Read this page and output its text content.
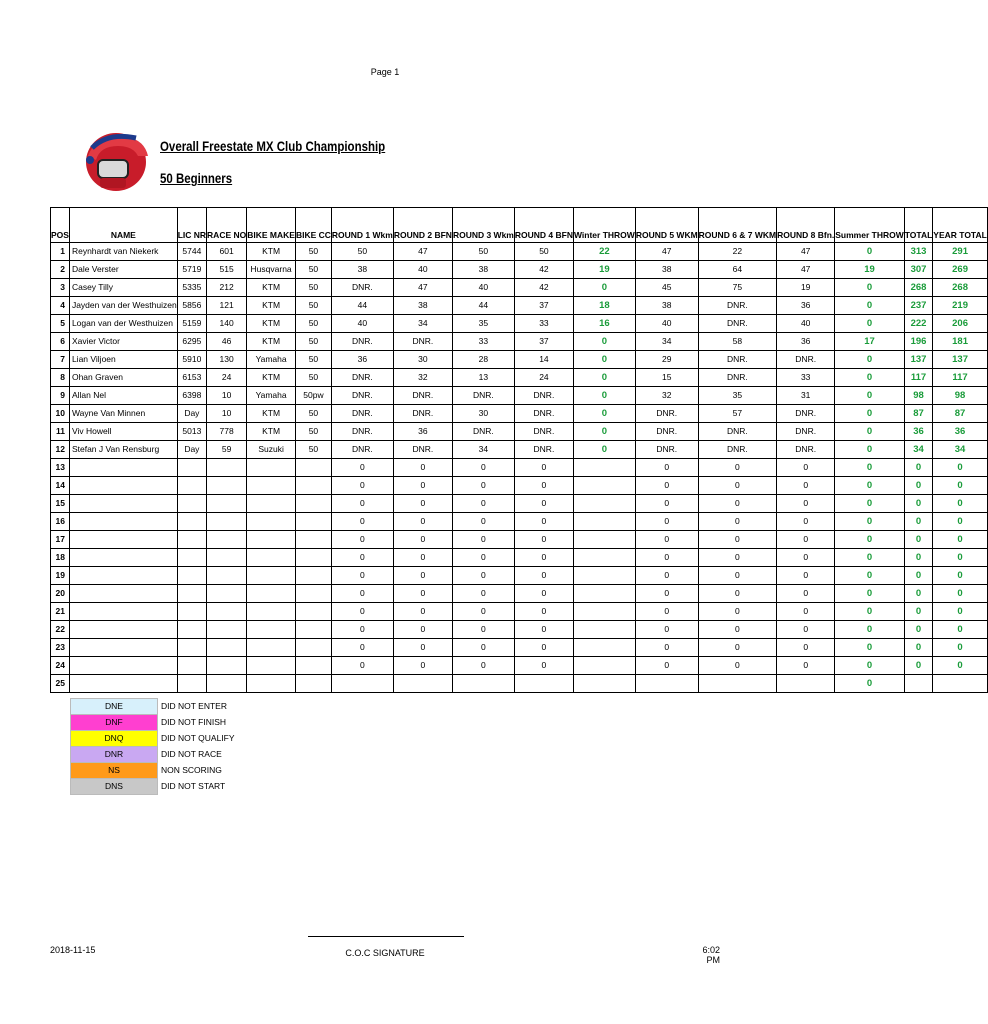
Page 1
Overall Freestate MX Club Championship
50 Beginners
POS	NAME	LIC NR	RACE NO	BIKE MAKE	BIKE CC	ROUND 1 Wkm	ROUND 2 BFN	ROUND 3 Wkm	ROUND 4 BFN	Winter THROW	ROUND 5 WKM	ROUND 6 & 7 WKM	ROUND 8 Bfn.	Summer THROW	TOTAL	YEAR TOTAL
1	Reynhardt van Niekerk	5744	601	KTM	50	50	47	50	50	22	47	22	47	0	313	291
2	Dale Verster	5719	515	Husqvarna	50	38	40	38	42	19	38	64	47	19	307	269
3	Casey Tilly	5335	212	KTM	50	DNR.	47	40	42	0	45	75	19	0	268	268
4	Jayden van der Westhuizen	5856	121	KTM	50	44	38	44	37	18	38	DNR.	36	0	237	219
5	Logan van der Westhuizen	5159	140	KTM	50	40	34	35	33	16	40	DNR.	40	0	222	206
6	Xavier Victor	6295	46	KTM	50	DNR.	DNR.	33	37	0	34	58	36	17	196	181
7	Lian Viljoen	5910	130	Yamaha	50	36	30	28	14	0	29	DNR.	DNR.	0	137	137
8	Ohan Graven	6153	24	KTM	50	DNR.	32	13	24	0	15	DNR.	33	0	117	117
9	Allan Nel	6398	10	Yamaha	50pw	DNR.	DNR.	DNR.	DNR.	0	32	35	31	0	98	98
10	Wayne Van Minnen	Day	10	KTM	50	DNR.	DNR.	30	DNR.	0	DNR.	57	DNR.	0	87	87
11	Viv Howell	5013	778	KTM	50	DNR.	36	DNR.	DNR.	0	DNR.	DNR.	DNR.	0	36	36
12	Stefan J Van Rensburg	Day	59	Suzuki	50	DNR.	DNR.	34	DNR.	0	DNR.	DNR.	DNR.	0	34	34
13						0	0	0	0		0	0	0	0	0	0
14						0	0	0	0		0	0	0	0	0	0
15						0	0	0	0		0	0	0	0	0	0
16						0	0	0	0		0	0	0	0	0	0
17						0	0	0	0		0	0	0	0	0	0
18						0	0	0	0		0	0	0	0	0	0
19						0	0	0	0		0	0	0	0	0	0
20						0	0	0	0		0	0	0	0	0	0
21						0	0	0	0		0	0	0	0	0	0
22						0	0	0	0		0	0	0	0	0	0
23						0	0	0	0		0	0	0	0	0	0
24						0	0	0	0		0	0	0	0	0	0
25														0		
DNE	DID NOT ENTER
DNF	DID NOT FINISH
DNQ	DID NOT QUALIFY
DNR	DID NOT RACE
NS	NON SCORING
DNS	DID NOT START
2018-11-15	C.O.C SIGNATURE	6:02 PM
